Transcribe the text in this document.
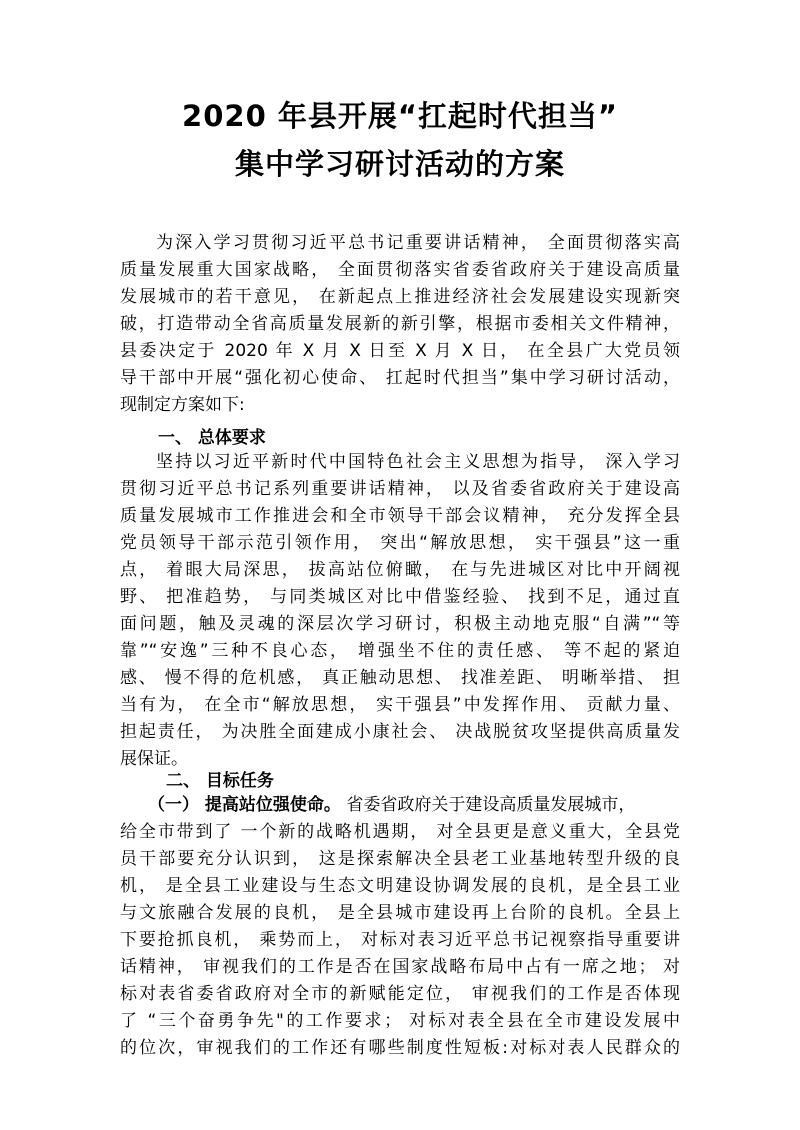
2020 年县开展“扛起时代担当”
集中学习研讨活动的方案
为深入学习贯彻习近平总书记重要讲话精神， 全面贯彻落实高
质量发展重大国家战略， 全面贯彻落实省委省政府关于建设高质量
发展城市的若干意见， 在新起点上推进经济社会发展建设实现新突
破，打造带动全省高质量发展新的新引擎，根据市委相关文件精神，
县委决定于 2020 年 X 月 X 日至 X 月 X 日， 在全县广大党员领
导干部中开展“强化初心使命、 扛起时代担当”集中学习研讨活动，
现制定方案如下:
一、 总体要求
坚持以习近平新时代中国特色社会主义思想为指导， 深入学习
贯彻习近平总书记系列重要讲话精神， 以及省委省政府关于建设高
质量发展城市工作推进会和全市领导干部会议精神， 充分发挥全县
党员领导干部示范引领作用， 突出“解放思想， 实干强县”这一重
点， 着眼大局深思， 拔高站位俯瞰， 在与先进城区对比中开阔视
野、 把准趋势， 与同类城区对比中借鉴经验、 找到不足，通过直
面问题，触及灵魂的深层次学习研讨，积极主动地克服“自满”“等
靠”“安逸”三种不良心态， 增强坐不住的责任感、 等不起的紧迫
感、 慢不得的危机感， 真正触动思想、 找准差距、 明晰举措、 担
当有为， 在全市“解放思想， 实干强县”中发挥作用、 贡献力量、
担起责任， 为决胜全面建成小康社会、 决战脱贫攻坚提供高质量发
展保证。
二、 目标任务
（一） 提高站位强使命。 省委省政府关于建设高质量发展城市，
给全市带到了 一个新的战略机遇期， 对全县更是意义重大，全县党
员干部要充分认识到， 这是探索解决全县老工业基地转型升级的良
机， 是全县工业建设与生态文明建设协调发展的良机，是全县工业
与文旅融合发展的良机， 是全县城市建设再上台阶的良机。全县上
下要抢抓良机， 乘势而上， 对标对表习近平总书记视察指导重要讲
话精神， 审视我们的工作是否在国家战略布局中占有一席之地； 对
标对表省委省政府对全市的新赋能定位， 审视我们的工作是否体现
了 “三个奋勇争先"的工作要求； 对标对表全县在全市建设发展中
的位次，审视我们的工作还有哪些制度性短板:对标对表人民群众的
